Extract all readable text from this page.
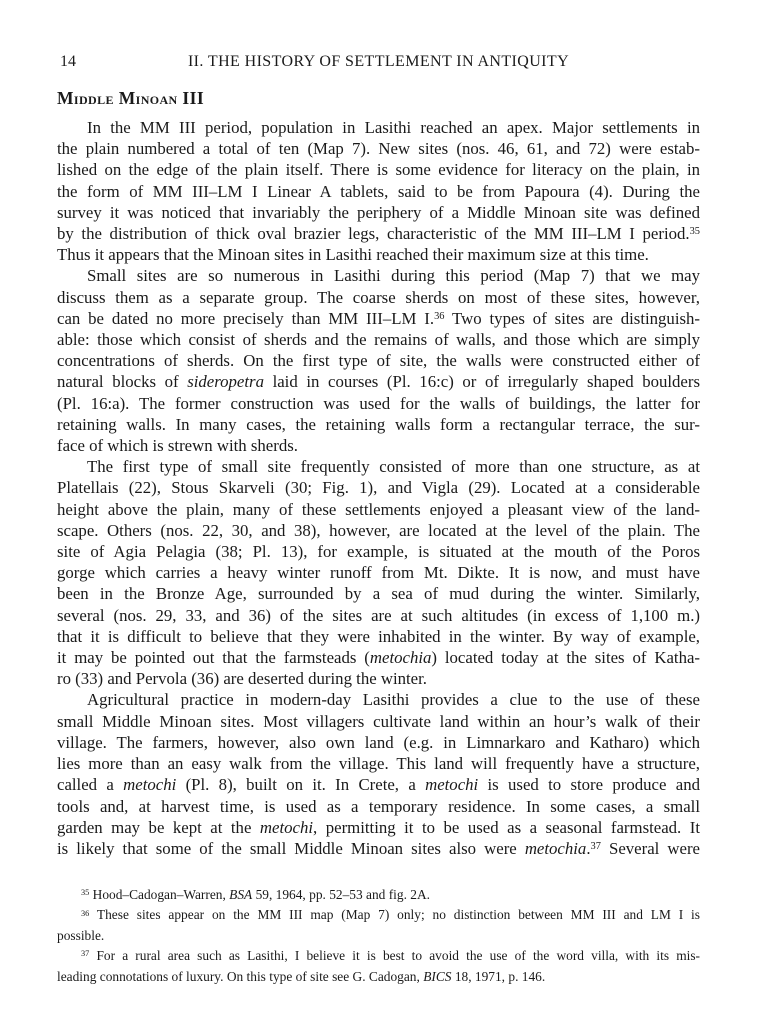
14	II. THE HISTORY OF SETTLEMENT IN ANTIQUITY
Middle Minoan III

In the MM III period, population in Lasithi reached an apex. Major settlements in
the plain numbered a total of ten (Map 7). New sites (nos. 46, 61, and 72) were estab-
lished on the edge of the plain itself. There is some evidence for literacy on the plain, in
the form of MM III–LM I Linear A tablets, said to be from Papoura (4). During the
survey it was noticed that invariably the periphery of a Middle Minoan site was defined
by the distribution of thick oval brazier legs, characteristic of the MM III–LM I period.$^{35}$
Thus it appears that the Minoan sites in Lasithi reached their maximum size at this time.

Small sites are so numerous in Lasithi during this period (Map 7) that we may
discuss them as a separate group. The coarse sherds on most of these sites, however,
can be dated no more precisely than MM III–LM I.$^{36}$ Two types of sites are distinguish-
able: those which consist of sherds and the remains of walls, and those which are simply
concentrations of sherds. On the first type of site, the walls were constructed either of
natural blocks of sideropetra laid in courses (Pl. 16:c) or of irregularly shaped boulders
(Pl. 16:a). The former construction was used for the walls of buildings, the latter for
retaining walls. In many cases, the retaining walls form a rectangular terrace, the sur-
face of which is strewn with sherds.

The first type of small site frequently consisted of more than one structure, as at
Platellais (22), Stous Skarveli (30; Fig. 1), and Vigla (29). Located at a considerable
height above the plain, many of these settlements enjoyed a pleasant view of the land-
scape. Others (nos. 22, 30, and 38), however, are located at the level of the plain. The
site of Agia Pelagia (38; Pl. 13), for example, is situated at the mouth of the Poros
gorge which carries a heavy winter runoff from Mt. Dikte. It is now, and must have
been in the Bronze Age, surrounded by a sea of mud during the winter. Similarly,
several (nos. 29, 33, and 36) of the sites are at such altitudes (in excess of 1,100 m.)
that it is difficult to believe that they were inhabited in the winter. By way of example,
it may be pointed out that the farmsteads (metochia) located today at the sites of Katha-
ro (33) and Pervola (36) are deserted during the winter.

Agricultural practice in modern-day Lasithi provides a clue to the use of these
small Middle Minoan sites. Most villagers cultivate land within an hour’s walk of their
village. The farmers, however, also own land (e.g. in Limnarkaro and Katharo) which
lies more than an easy walk from the village. This land will frequently have a structure,
called a metochi (Pl. 8), built on it. In Crete, a metochi is used to store produce and
tools and, at harvest time, is used as a temporary residence. In some cases, a small
garden may be kept at the metochi, permitting it to be used as a seasonal farmstead. It
is likely that some of the small Middle Minoan sites also were metochia.$^{37}$ Several were

$^{35}$ Hood–Cadogan–Warren, BSA 59, 1964, pp. 52–53 and fig. 2A.

$^{36}$ These sites appear on the MM III map (Map 7) only; no distinction between MM III and LM I is
possible.

$^{37}$ For a rural area such as Lasithi, I believe it is best to avoid the use of the word villa, with its mis-
leading connotations of luxury. On this type of site see G. Cadogan, BICS 18, 1971, p. 146.
